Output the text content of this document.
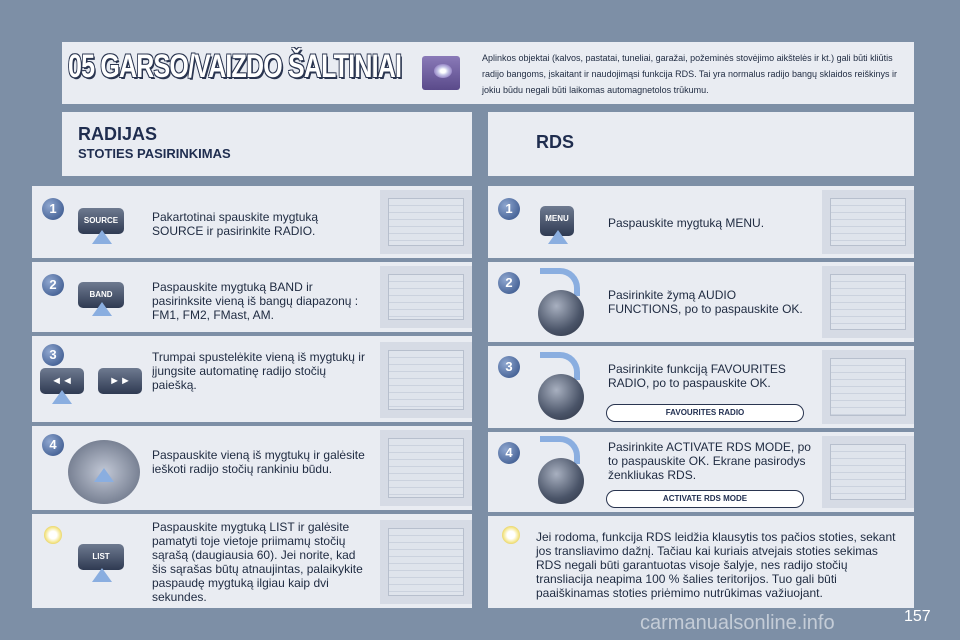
05 GARSO/VAIZDO ŠALTINIAI	Aplinkos objektai (kalvos, pastatai, tuneliai, garažai, požeminės stovėjimo aikštelės ir kt.) gali būti kliūtis radijo bangoms, įskaitant ir naudojimąsi funkcija RDS. Tai yra normalus radijo bangų sklaidos reiškinys ir jokiu būdu negali būti laikomas automagnetolos trūkumu.
RADIJAS
STOTIES PASIRINKIMAS
RDS
1
SOURCE	Pakartotinai spauskite mygtuką SOURCE ir pasirinkite RADIO.
2
BAND
Paspauskite mygtuką BAND ir pasirinksite vieną iš bangų diapazonų : FM1, FM2, FMast, AM.
3
◄◄	►►
Trumpai spustelėkite vieną iš mygtukų ir įjungsite automatinę radijo stočių paiešką.
4
Paspauskite vieną iš mygtukų ir galėsite ieškoti radijo stočių rankiniu būdu.
LIST
Paspauskite mygtuką LIST ir galėsite pamatyti toje vietoje priimamų stočių sąrašą (daugiausia 60). Jei norite, kad šis sąrašas būtų atnaujintas, palaikykite paspaudę mygtuką ilgiau kaip dvi sekundes.
1
MENU	Paspauskite mygtuką MENU.
2
Pasirinkite žymą AUDIO FUNCTIONS, po to paspauskite OK.
3	Pasirinkite funkciją FAVOURITES RADIO, po to paspauskite OK.
FAVOURITES RADIO
4	Pasirinkite ACTIVATE RDS MODE, po to paspauskite OK. Ekrane pasirodys ženkliukas RDS.
ACTIVATE RDS MODE
Jei rodoma, funkcija RDS leidžia klausytis tos pačios stoties, sekant jos transliavimo dažnį. Tačiau kai kuriais atvejais stoties sekimas RDS negali būti garantuotas visoje šalyje, nes radijo stočių transliacija neapima 100 % šalies teritorijos. Tuo gali būti paaiškinamas stoties priėmimo nutrūkimas važiuojant.
157
carmanualsonline.info
